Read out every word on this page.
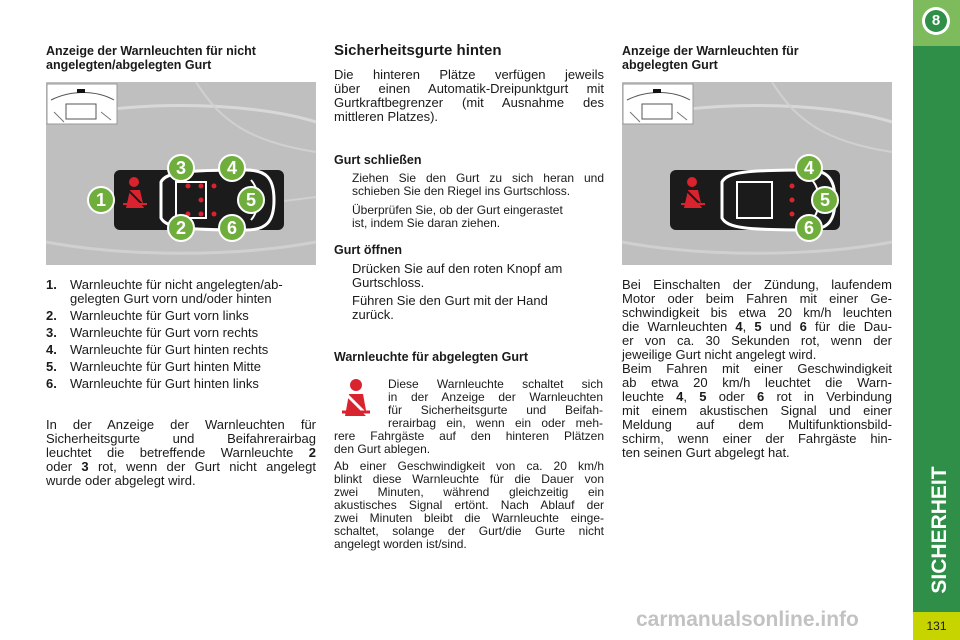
Anzeige der Warnleuchten für nicht
angelegten/abgelegten Gurt
1
2
3 4
5
6
1.	Warnleuchte für nicht angelegten/ab-
gelegten Gurt vorn und/oder hinten
2.	Warnleuchte für Gurt vorn links
3.	Warnleuchte für Gurt vorn rechts
4.	Warnleuchte für Gurt hinten rechts
5.	Warnleuchte für Gurt hinten Mitte
6.	Warnleuchte für Gurt hinten links
In der Anzeige der Warnleuchten für
Sicherheitsgurte und Beifahrerairbag
leuchtet die betreffende Warnleuchte 2
oder 3 rot, wenn der Gurt nicht angelegt
wurde oder abgelegt wird.
Sicherheitsgurte hinten
Die hinteren Plätze verfügen jeweils
über einen Automatik-Dreipunktgurt mit
Gurtkraftbegrenzer (mit Ausnahme des
mittleren Platzes).
Gurt schließen
Ziehen Sie den Gurt zu sich heran und
schieben Sie den Riegel ins Gurtschloss.
Überprüfen Sie, ob der Gurt eingerastet
ist, indem Sie daran ziehen.
Gurt öffnen
Drücken Sie auf den roten Knopf am
Gurtschloss.
Führen Sie den Gurt mit der Hand
zurück.
Warnleuchte für abgelegten Gurt
Diese Warnleuchte schaltet sich
in der Anzeige der Warnleuchten
für Sicherheitsgurte und Beifah-
rerairbag ein, wenn ein oder meh-
rere Fahrgäste auf den hinteren Plätzen
den Gurt ablegen.
Ab einer Geschwindigkeit von ca. 20 km/h
blinkt diese Warnleuchte für die Dauer von
zwei Minuten, während gleichzeitig ein
akustisches Signal ertönt. Nach Ablauf der
zwei Minuten bleibt die Warnleuchte einge-
schaltet, solange der Gurt/die Gurte nicht
angelegt worden ist/sind.
Anzeige der Warnleuchten für
abgelegten Gurt
4
5
6
Bei Einschalten der Zündung, laufendem
Motor oder beim Fahren mit einer Ge-
schwindigkeit bis etwa 20 km/h leuchten
die Warnleuchten 4, 5 und 6 für die Dau-
er von ca. 30 Sekunden rot, wenn der
jeweilige Gurt nicht angelegt wird.
Beim Fahren mit einer Geschwindigkeit
ab etwa 20 km/h leuchtet die Warn-
leuchte 4, 5 oder 6 rot in Verbindung
mit einem akustischen Signal und einer
Meldung auf dem Multifunktionsbild-
schirm, wenn einer der Fahrgäste hin-
ten seinen Gurt abgelegt hat.
8
SICHERHEIT
131
carmanualsonline.info
